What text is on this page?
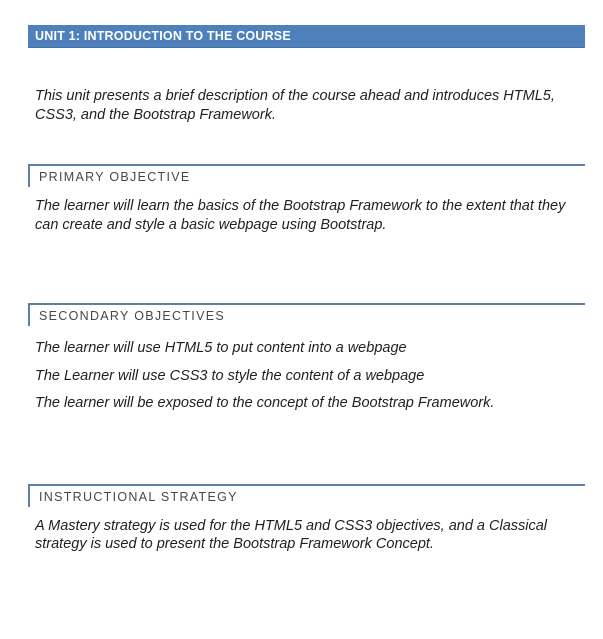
UNIT 1: INTRODUCTION TO THE COURSE

This unit presents a brief description of the course ahead and introduces HTML5, CSS3, and the Bootstrap Framework.

PRIMARY OBJECTIVE

The learner will learn the basics of the Bootstrap Framework to the extent that they can create and style a basic webpage using Bootstrap.

SECONDARY OBJECTIVES

The learner will use HTML5 to put content into a webpage

The Learner will use CSS3 to style the content of a webpage

The learner will be exposed to the concept of the Bootstrap Framework.

INSTRUCTIONAL STRATEGY

A Mastery strategy is used for the HTML5 and CSS3 objectives, and a Classical strategy is used to present the Bootstrap Framework Concept.
